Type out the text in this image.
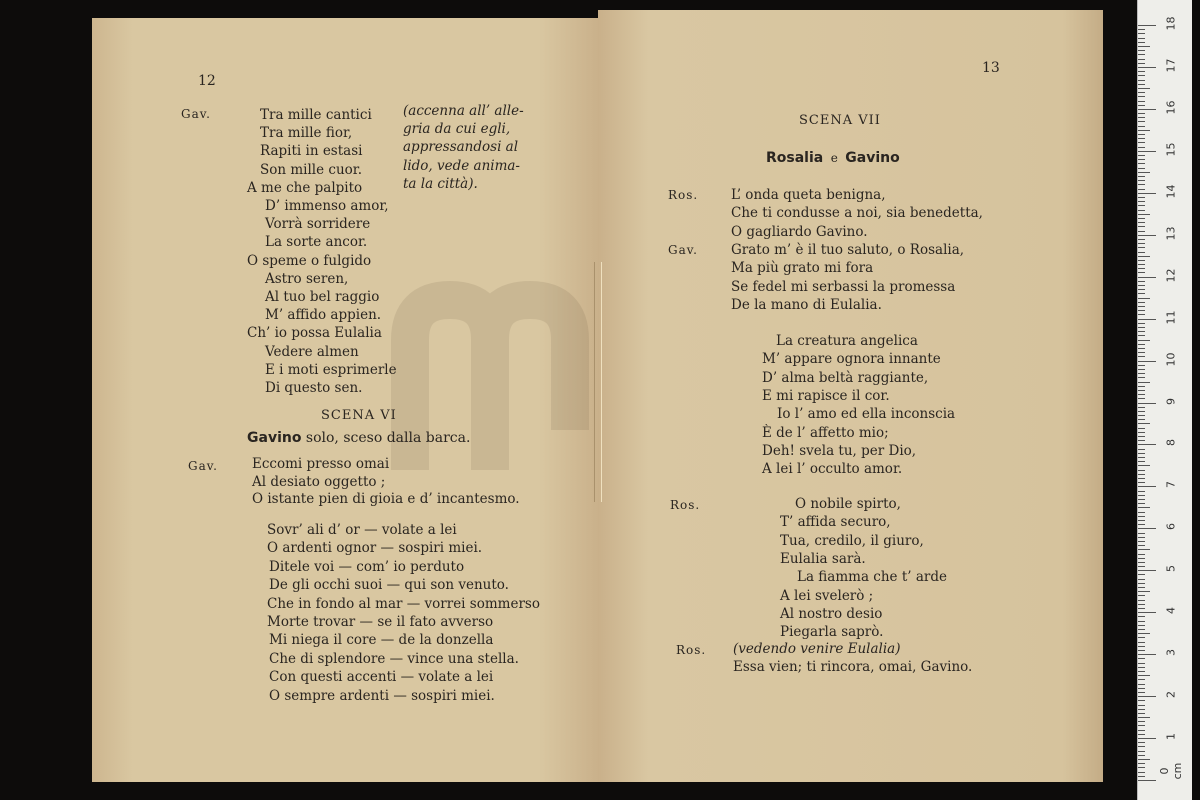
12
Gav.	Tra mille cantici
Tra mille fior,
Rapiti in estasi
Son mille cuor.
A me che palpito
D’ immenso amor,
Vorrà sorridere
La sorte ancor.
O speme o fulgido
Astro seren,
Al tuo bel raggio
M’ affido appien.
Ch’ io possa Eulalia
Vedere almen
E i moti esprimerle
Di questo sen.
(accenna all’ alle-
gria da cui egli,
appressandosi al
lido, vede anima-
ta la città).
SCENA VI
Gavino solo, sceso dalla barca.
Gav.	Eccomi presso omai
Al desiato oggetto ;
O istante pien di gioia e d’ incantesmo.
Sovr’ ali d’ or — volate a lei
O ardenti ognor — sospiri miei.
Ditele voi — com’ io perduto
De gli occhi suoi — qui son venuto.
Che in fondo al mar — vorrei sommerso
Morte trovar — se il fato avverso
Mi niega il core — de la donzella
Che di splendore — vince una stella.
Con questi accenti — volate a lei
O sempre ardenti — sospiri miei.
13
SCENA VII
Rosalia e Gavino
Ros. L’ onda queta benigna,
Che ti condusse a noi, sia benedetta,
O gagliardo Gavino.
Gav. Grato m’ è il tuo saluto, o Rosalia,
Ma più grato mi fora
Se fedel mi serbassi la promessa
De la mano di Eulalia.
La creatura angelica
M’ appare ognora innante
D’ alma beltà raggiante,
E mi rapisce il cor.
Io l’ amo ed ella inconscia
È de l’ affetto mio;
Deh! svela tu, per Dio,
A lei l’ occulto amor.
Ros.	O nobile spirto,
T’ affida securo,
Tua, credilo, il giuro,
Eulalia sarà.
La fiamma che t’ arde
A lei svelerò ;
Al nostro desio
Piegarla saprò.
Ros. (vedendo venire Eulalia)
Essa vien; ti rincora, omai, Gavino.
0 cm
1
2
3
4
5
6
7
8
9
10
11
12
13
14
15
16
17
18
